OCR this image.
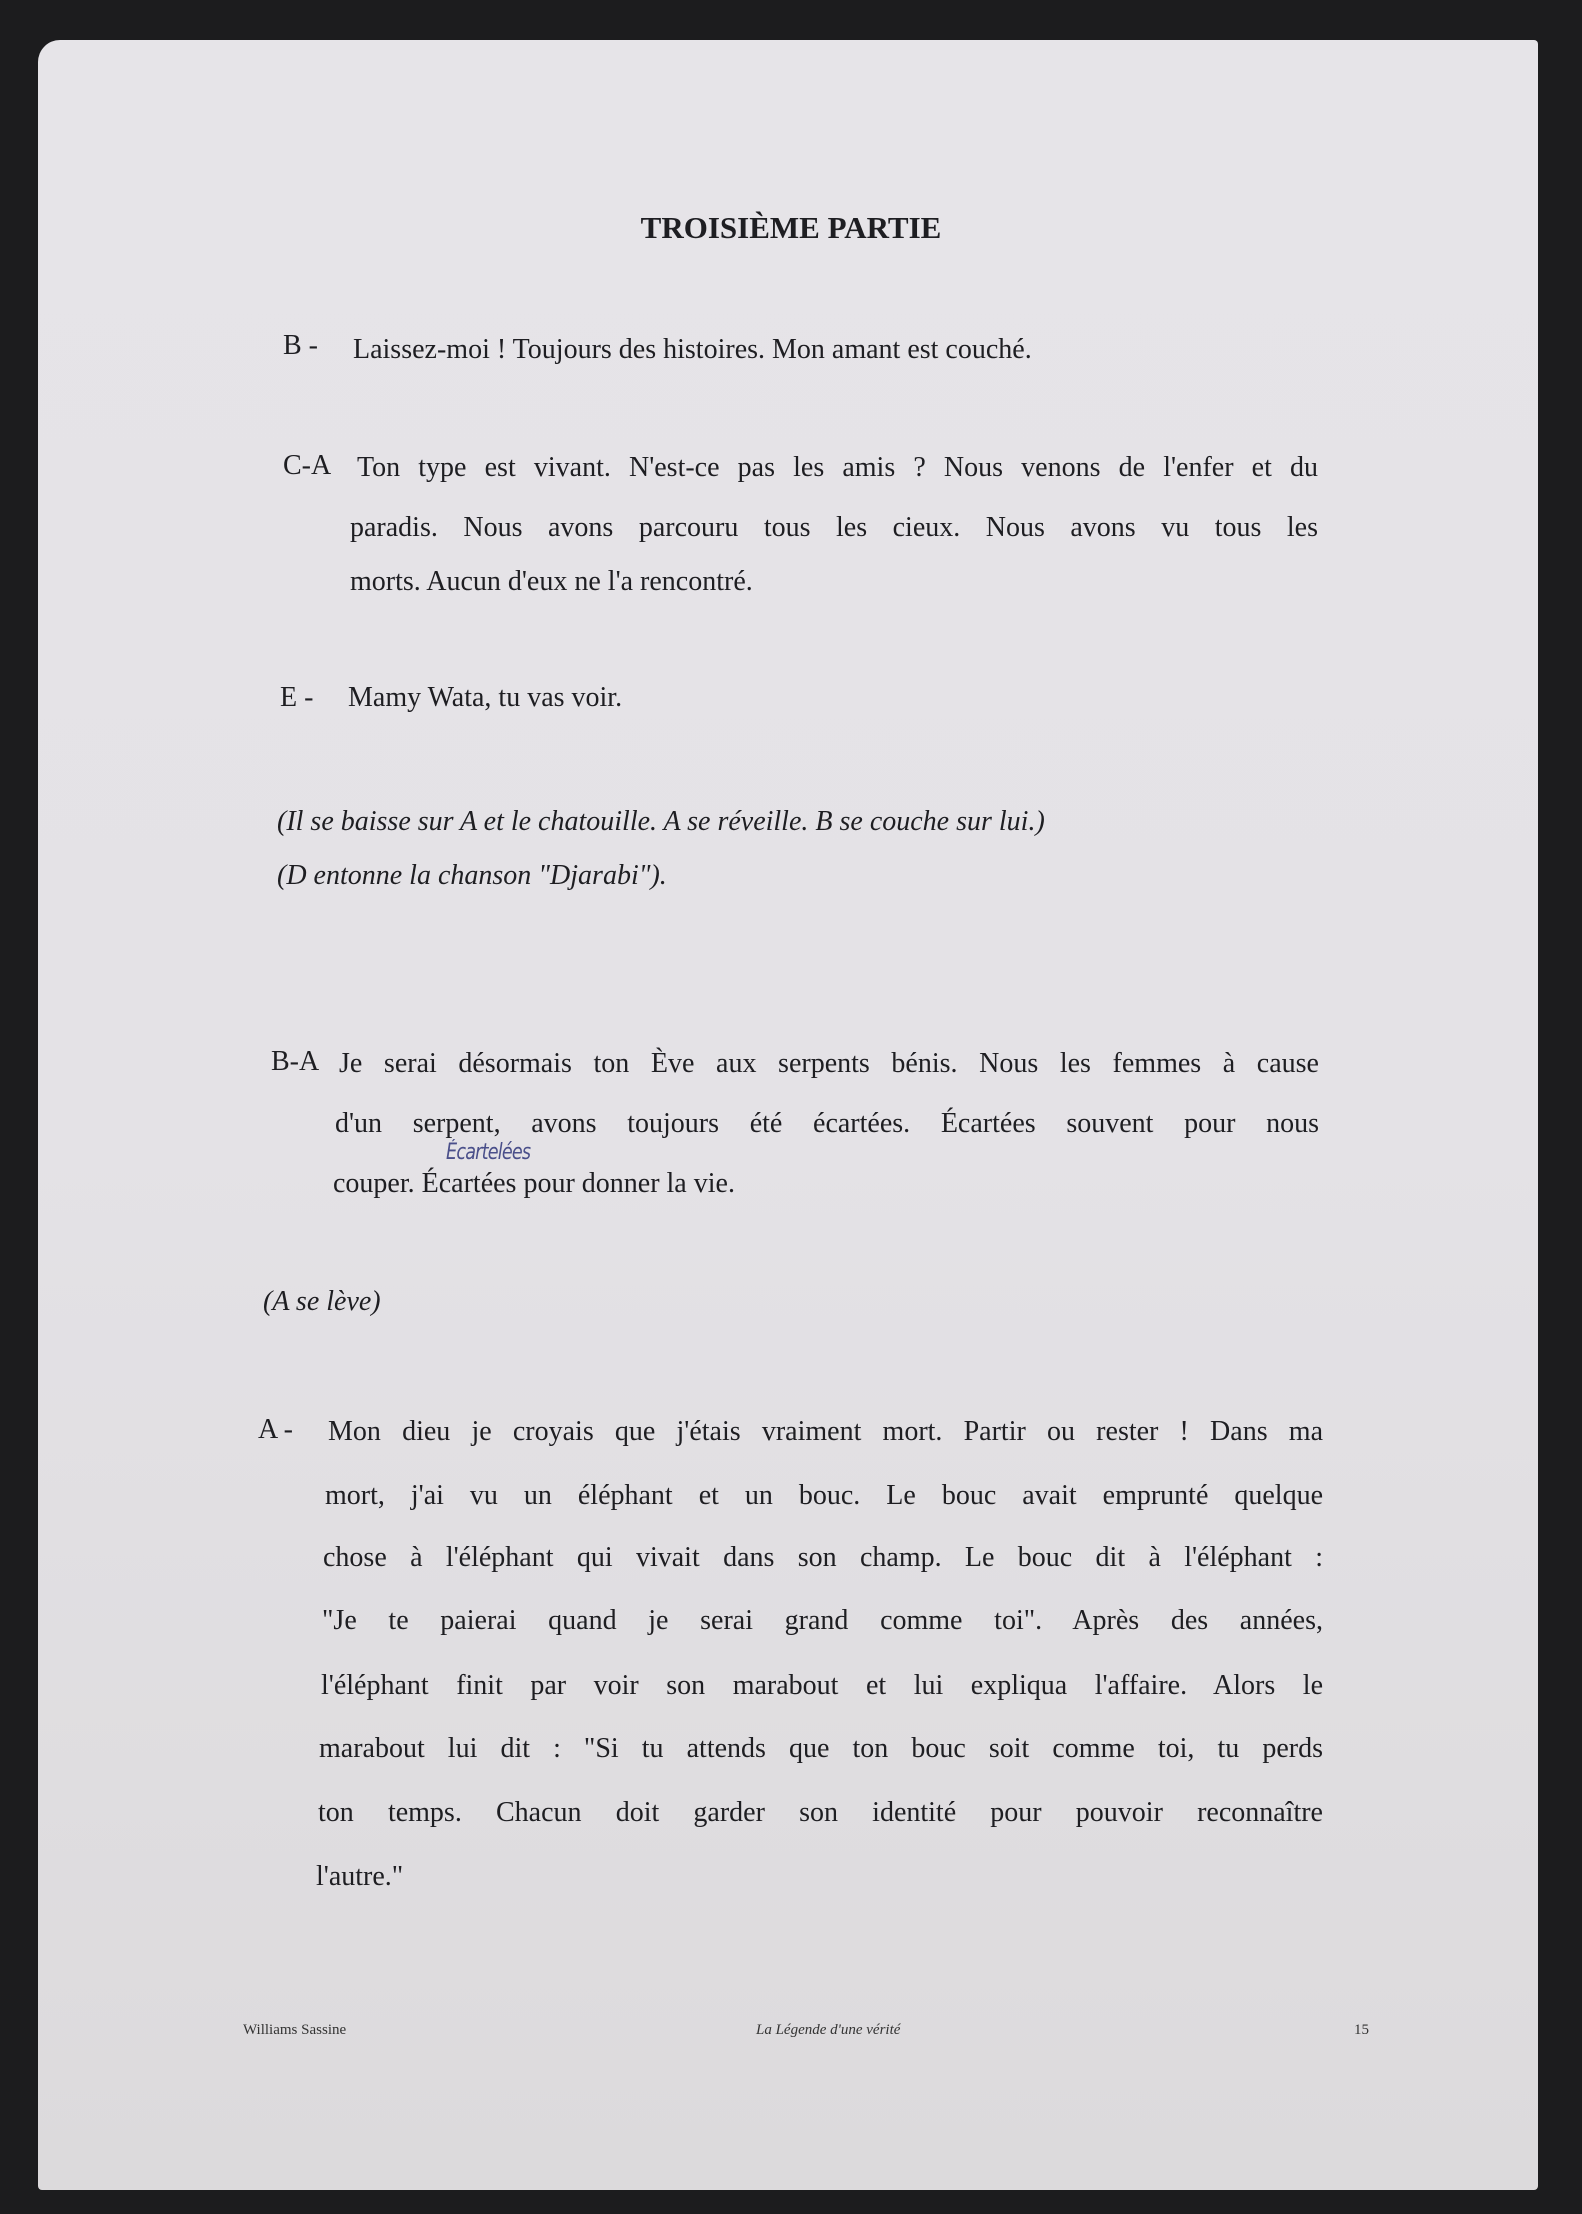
TROISIÈME PARTIE
B - Laissez-moi ! Toujours des histoires. Mon amant est couché.
C-A Ton type est vivant. N'est-ce pas les amis ? Nous venons de l'enfer et du
paradis. Nous avons parcouru tous les cieux. Nous avons vu tous les
morts. Aucun d'eux ne l'a rencontré.
E - Mamy Wata, tu vas voir.
(Il se baisse sur A et le chatouille. A se réveille. B se couche sur lui.)
(D entonne la chanson "Djarabi").
B-A Je serai désormais ton Ève aux serpents bénis. Nous les femmes à cause
d'un serpent, avons toujours été écartées. Écartées souvent pour nous
couper. Écartées pour donner la vie.
Écartelées
(A se lève)
A - Mon dieu je croyais que j'étais vraiment mort. Partir ou rester ! Dans ma
mort, j'ai vu un éléphant et un bouc. Le bouc avait emprunté quelque
chose à l'éléphant qui vivait dans son champ. Le bouc dit à l'éléphant :
"Je te paierai quand je serai grand comme toi". Après des années,
l'éléphant finit par voir son marabout et lui expliqua l'affaire. Alors le
marabout lui dit : "Si tu attends que ton bouc soit comme toi, tu perds
ton temps. Chacun doit garder son identité pour pouvoir reconnaître
l'autre."
Williams Sassine	La Légende d'une vérité	15
